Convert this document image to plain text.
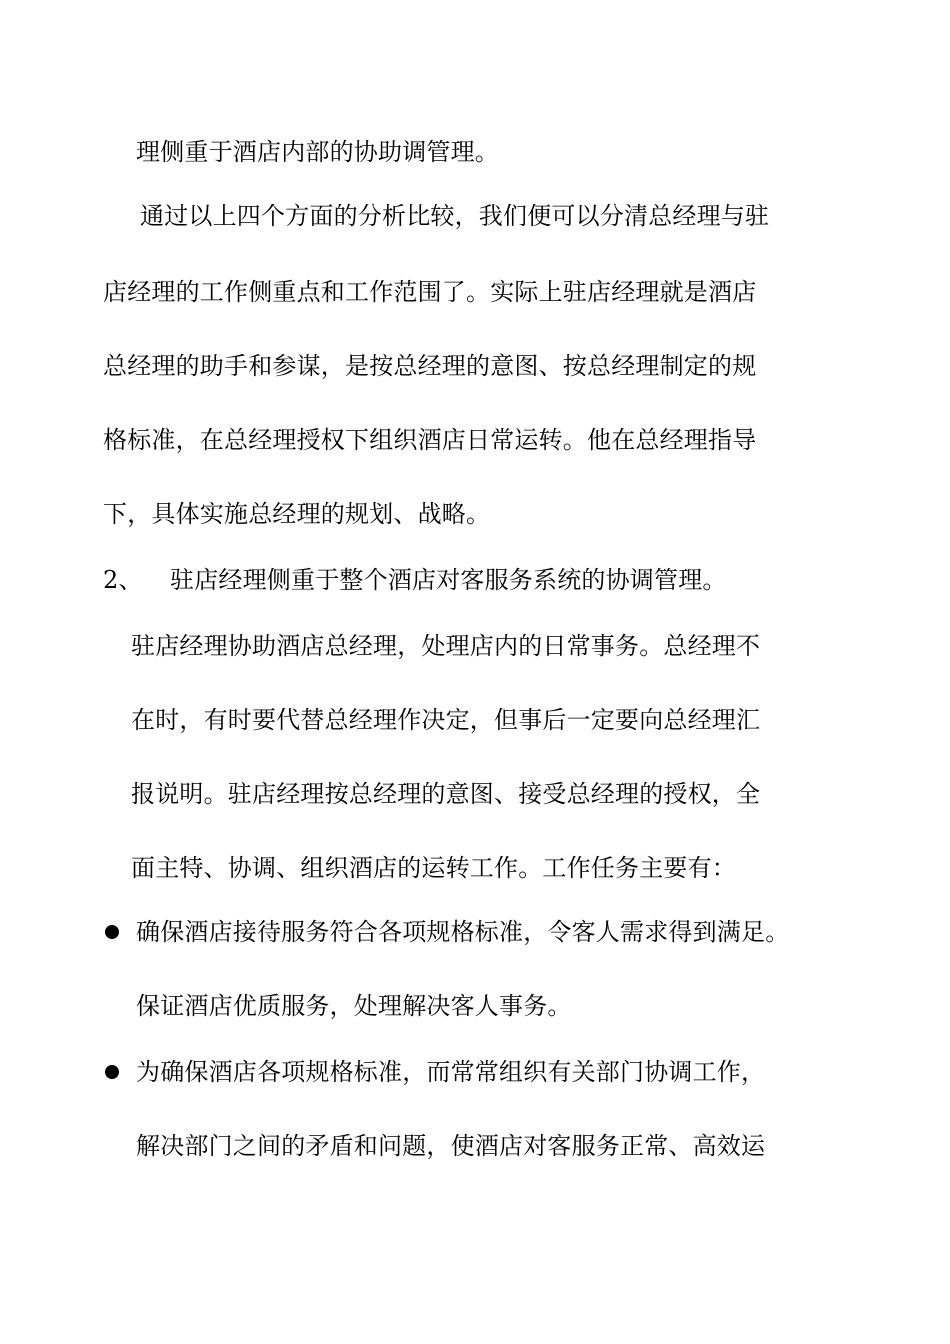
理侧重于酒店内部的协助调管理。
通过以上四个方面的分析比较，我们便可以分清总经理与驻
店经理的工作侧重点和工作范围了。实际上驻店经理就是酒店
总经理的助手和参谋，是按总经理的意图、按总经理制定的规
格标准，在总经理授权下组织酒店日常运转。他在总经理指导
下，具体实施总经理的规划、战略。
2、 驻店经理侧重于整个酒店对客服务系统的协调管理。
驻店经理协助酒店总经理，处理店内的日常事务。总经理不
在时，有时要代替总经理作决定，但事后一定要向总经理汇
报说明。驻店经理按总经理的意图、接受总经理的授权，全
面主特、协调、组织酒店的运转工作。工作任务主要有：
确保酒店接待服务符合各项规格标准，令客人需求得到满足。
保证酒店优质服务，处理解决客人事务。
为确保酒店各项规格标准，而常常组织有关部门协调工作，
解决部门之间的矛盾和问题，使酒店对客服务正常、高效运
